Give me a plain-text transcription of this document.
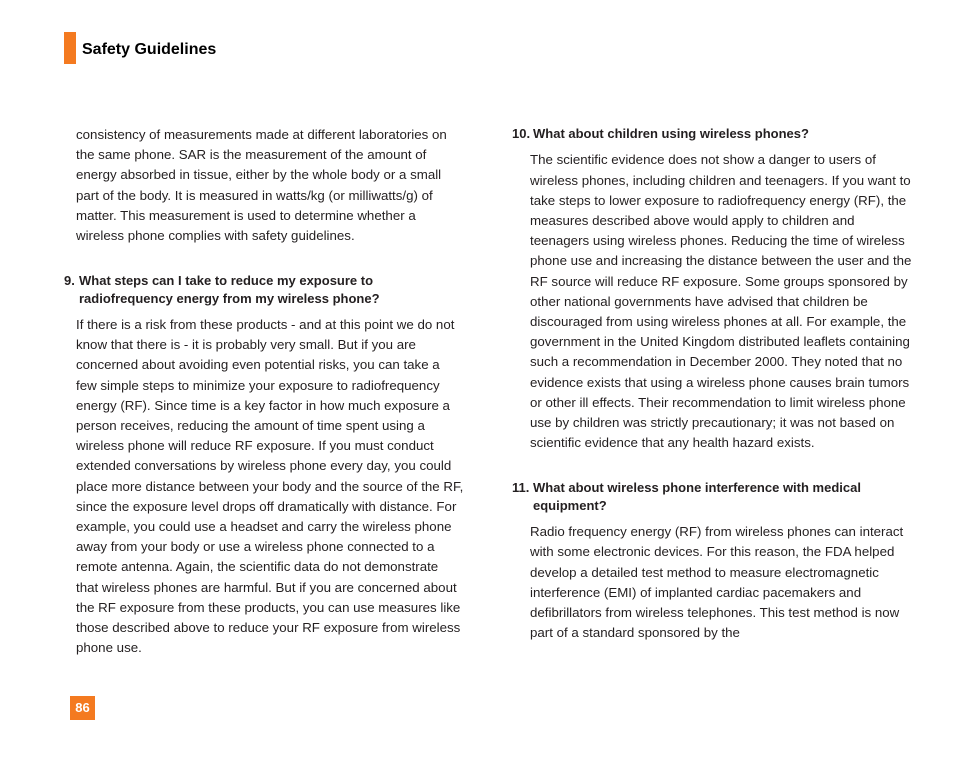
Safety Guidelines

consistency of measurements made at different laboratories on the same phone. SAR is the measurement of the amount of energy absorbed in tissue, either by the whole body or a small part of the body. It is measured in watts/kg (or milliwatts/g) of matter. This measurement is used to determine whether a wireless phone complies with safety guidelines.

9. What steps can I take to reduce my exposure to radiofrequency energy from my wireless phone?

If there is a risk from these products - and at this point we do not know that there is - it is probably very small. But if you are concerned about avoiding even potential risks, you can take a few simple steps to minimize your exposure to radiofrequency energy (RF). Since time is a key factor in how much exposure a person receives, reducing the amount of time spent using a wireless phone will reduce RF exposure. If you must conduct extended conversations by wireless phone every day, you could place more distance between your body and the source of the RF, since the exposure level drops off dramatically with distance. For example, you could use a headset and carry the wireless phone away from your body or use a wireless phone connected to a remote antenna. Again, the scientific data do not demonstrate that wireless phones are harmful. But if you are concerned about the RF exposure from these products, you can use measures like those described above to reduce your RF exposure from wireless phone use.

10. What about children using wireless phones?

The scientific evidence does not show a danger to users of wireless phones, including children and teenagers. If you want to take steps to lower exposure to radiofrequency energy (RF), the measures described above would apply to children and teenagers using wireless phones. Reducing the time of wireless phone use and increasing the distance between the user and the RF source will reduce RF exposure. Some groups sponsored by other national governments have advised that children be discouraged from using wireless phones at all. For example, the government in the United Kingdom distributed leaflets containing such a recommendation in December 2000. They noted that no evidence exists that using a wireless phone causes brain tumors or other ill effects. Their recommendation to limit wireless phone use by children was strictly precautionary; it was not based on scientific evidence that any health hazard exists.

11. What about wireless phone interference with medical equipment?

Radio frequency energy (RF) from wireless phones can interact with some electronic devices. For this reason, the FDA helped develop a detailed test method to measure electromagnetic interference (EMI) of implanted cardiac pacemakers and defibrillators from wireless telephones. This test method is now part of a standard sponsored by the

86
